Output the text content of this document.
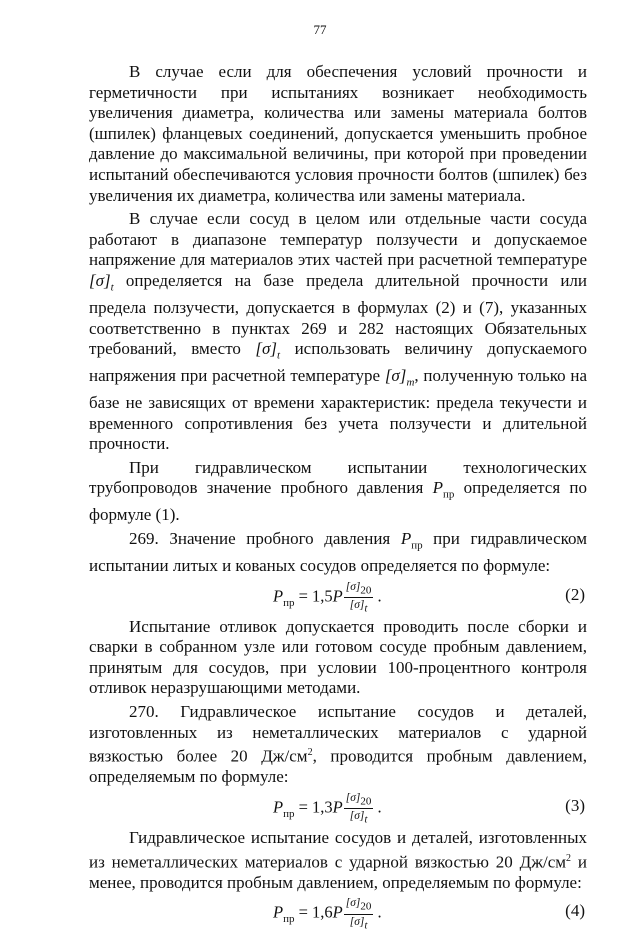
77

В случае если для обеспечения условий прочности и герметичности при испытаниях возникает необходимость увеличения диаметра, количества или замены материала болтов (шпилек) фланцевых соединений, допускается уменьшить пробное давление до максимальной величины, при которой при проведении испытаний обеспечиваются условия прочности болтов (шпилек) без увеличения их диаметра, количества или замены материала.

В случае если сосуд в целом или отдельные части сосуда работают в диапазоне температур ползучести и допускаемое напряжение для материалов этих частей при расчетной температуре $[\sigma]_t$ определяется на базе предела длительной прочности или предела ползучести, допускается в формулах (2) и (7), указанных соответственно в пунктах 269 и 282 настоящих Обязательных требований, вместо $[\sigma]_t$ использовать величину допускаемого напряжения при расчетной температуре $[\sigma]_m$, полученную только на базе не зависящих от времени характеристик: предела текучести и временного сопротивления без учета ползучести и длительной прочности.

При гидравлическом испытании технологических трубопроводов значение пробного давления $P_{пр}$ определяется по формуле (1).

269. Значение пробного давления $P_{пр}$ при гидравлическом испытании литых и кованых сосудов определяется по формуле:

$P_{пр} = 1,5P \frac{[\sigma]_{20}}{[\sigma]_t}$ .	(2)

Испытание отливок допускается проводить после сборки и сварки в собранном узле или готовом сосуде пробным давлением, принятым для сосудов, при условии 100-процентного контроля отливок неразрушающими методами.

270. Гидравлическое испытание сосудов и деталей, изготовленных из неметаллических материалов с ударной вязкостью более 20 $Дж/см^2$, проводится пробным давлением, определяемым по формуле:

$P_{пр} = 1,3P \frac{[\sigma]_{20}}{[\sigma]_t}$ .	(3)

Гидравлическое испытание сосудов и деталей, изготовленных из неметаллических материалов с ударной вязкостью 20 $Дж/см^2$ и менее, проводится пробным давлением, определяемым по формуле:

$P_{пр} = 1,6P \frac{[\sigma]_{20}}{[\sigma]_t}$ .	(4)
